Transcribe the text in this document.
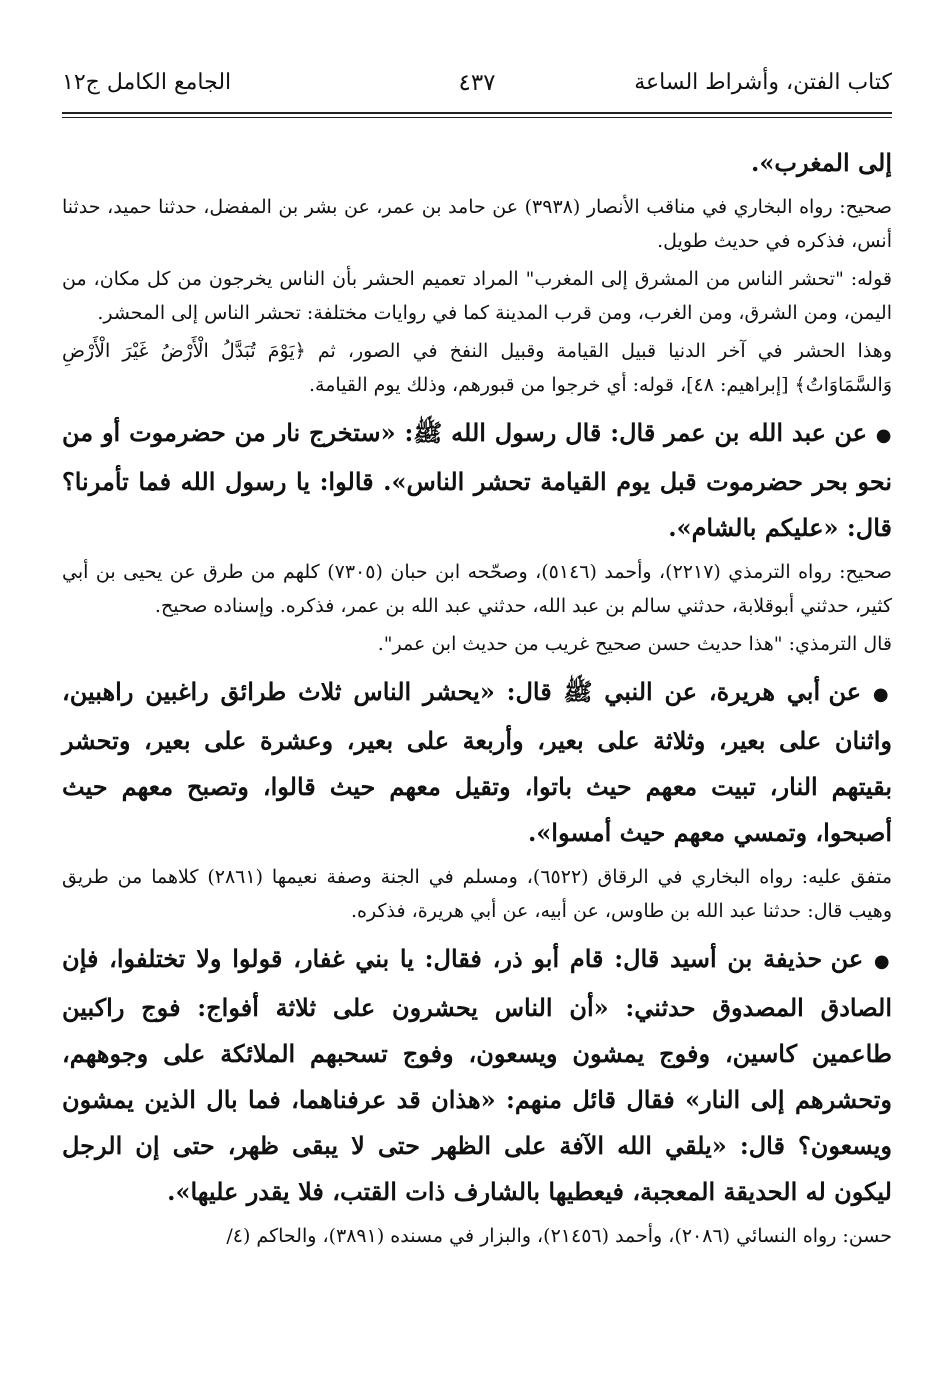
كتاب الفتن، وأشراط الساعة
٤٣٧
الجامع الكامل ج١٢

إلى المغرب».

صحيح: رواه البخاري في مناقب الأنصار (٣٩٣٨) عن حامد بن عمر، عن بشر بن المفضل، حدثنا حميد، حدثنا أنس، فذكره في حديث طويل.

قوله: "تحشر الناس من المشرق إلى المغرب" المراد تعميم الحشر بأن الناس يخرجون من كل مكان، من اليمن، ومن الشرق، ومن الغرب، ومن قرب المدينة كما في روايات مختلفة: تحشر الناس إلى المحشر.

وهذا الحشر في آخر الدنيا قبيل القيامة وقبيل النفخ في الصور، ثم ﴿يَوْمَ تُبَدَّلُ الْأَرْضُ غَيْرَ الْأَرْضِ وَالسَّمَاوَاتُ﴾ [إبراهيم: ٤٨]، قوله: أي خرجوا من قبورهم، وذلك يوم القيامة.

● عن عبد الله بن عمر قال: قال رسول الله ﷺ: «ستخرج نار من حضرموت أو من نحو بحر حضرموت قبل يوم القيامة تحشر الناس». قالوا: يا رسول الله فما تأمرنا؟ قال: «عليكم بالشام».

صحيح: رواه الترمذي (٢٢١٧)، وأحمد (٥١٤٦)، وصحّحه ابن حبان (٧٣٠٥) كلهم من طرق عن يحيى بن أبي كثير، حدثني أبوقلابة، حدثني سالم بن عبد الله، حدثني عبد الله بن عمر، فذكره. وإسناده صحيح.

قال الترمذي: "هذا حديث حسن صحيح غريب من حديث ابن عمر".

● عن أبي هريرة، عن النبي ﷺ قال: «يحشر الناس ثلاث طرائق راغبين راهبين، واثنان على بعير، وثلاثة على بعير، وأربعة على بعير، وعشرة على بعير، وتحشر بقيتهم النار، تبيت معهم حيث باتوا، وتقيل معهم حيث قالوا، وتصبح معهم حيث أصبحوا، وتمسي معهم حيث أمسوا».

متفق عليه: رواه البخاري في الرقاق (٦٥٢٢)، ومسلم في الجنة وصفة نعيمها (٢٨٦١) كلاهما من طريق وهيب قال: حدثنا عبد الله بن طاوس، عن أبيه، عن أبي هريرة، فذكره.

● عن حذيفة بن أسيد قال: قام أبو ذر، فقال: يا بني غفار، قولوا ولا تختلفوا، فإن الصادق المصدوق حدثني: «أن الناس يحشرون على ثلاثة أفواج: فوج راكبين طاعمين كاسين، وفوج يمشون ويسعون، وفوج تسحبهم الملائكة على وجوههم، وتحشرهم إلى النار» فقال قائل منهم: «هذان قد عرفناهما، فما بال الذين يمشون ويسعون؟ قال: «يلقي الله الآفة على الظهر حتى لا يبقى ظهر، حتى إن الرجل ليكون له الحديقة المعجبة، فيعطيها بالشارف ذات القتب، فلا يقدر عليها».

حسن: رواه النسائي (٢٠٨٦)، وأحمد (٢١٤٥٦)، والبزار في مسنده (٣٨٩١)، والحاكم (٤/
